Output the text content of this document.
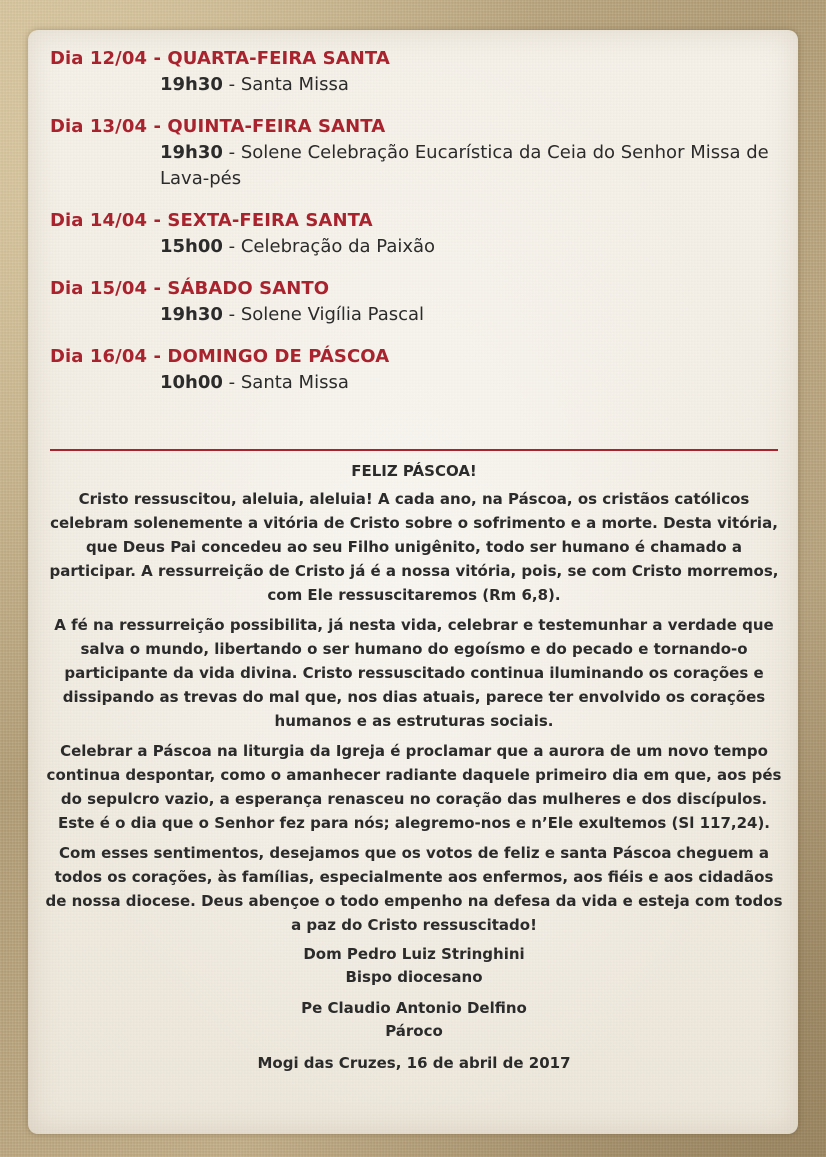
Dia 12/04 - QUARTA-FEIRA SANTA
19h30 - Santa Missa
Dia 13/04 - QUINTA-FEIRA SANTA
19h30 - Solene Celebração Eucarística da Ceia do Senhor Missa de Lava-pés
Dia 14/04 - SEXTA-FEIRA SANTA
15h00 - Celebração da Paixão
Dia 15/04 - SÁBADO SANTO
19h30 - Solene Vigília Pascal
Dia 16/04 - DOMINGO DE PÁSCOA
10h00 - Santa Missa

FELIZ PÁSCOA!

Cristo ressuscitou, aleluia, aleluia! A cada ano, na Páscoa, os cristãos católicos celebram solenemente a vitória de Cristo sobre o sofrimento e a morte. Desta vitória, que Deus Pai concedeu ao seu Filho unigênito, todo ser humano é chamado a participar. A ressurreição de Cristo já é a nossa vitória, pois, se com Cristo morremos, com Ele ressuscitaremos (Rm 6,8).

A fé na ressurreição possibilita, já nesta vida, celebrar e testemunhar a verdade que salva o mundo, libertando o ser humano do egoísmo e do pecado e tornando-o participante da vida divina. Cristo ressuscitado continua iluminando os corações e dissipando as trevas do mal que, nos dias atuais, parece ter envolvido os corações humanos e as estruturas sociais.

Celebrar a Páscoa na liturgia da Igreja é proclamar que a aurora de um novo tempo continua despontar, como o amanhecer radiante daquele primeiro dia em que, aos pés do sepulcro vazio, a esperança renasceu no coração das mulheres e dos discípulos. Este é o dia que o Senhor fez para nós; alegremo-nos e n’Ele exultemos (Sl 117,24).

Com esses sentimentos, desejamos que os votos de feliz e santa Páscoa cheguem a todos os corações, às famílias, especialmente aos enfermos, aos fiéis e aos cidadãos de nossa diocese. Deus abençoe o todo empenho na defesa da vida e esteja com todos a paz do Cristo ressuscitado!

Dom Pedro Luiz Stringhini
Bispo diocesano
Pe Claudio Antonio Delfino
Pároco
Mogi das Cruzes, 16 de abril de 2017
